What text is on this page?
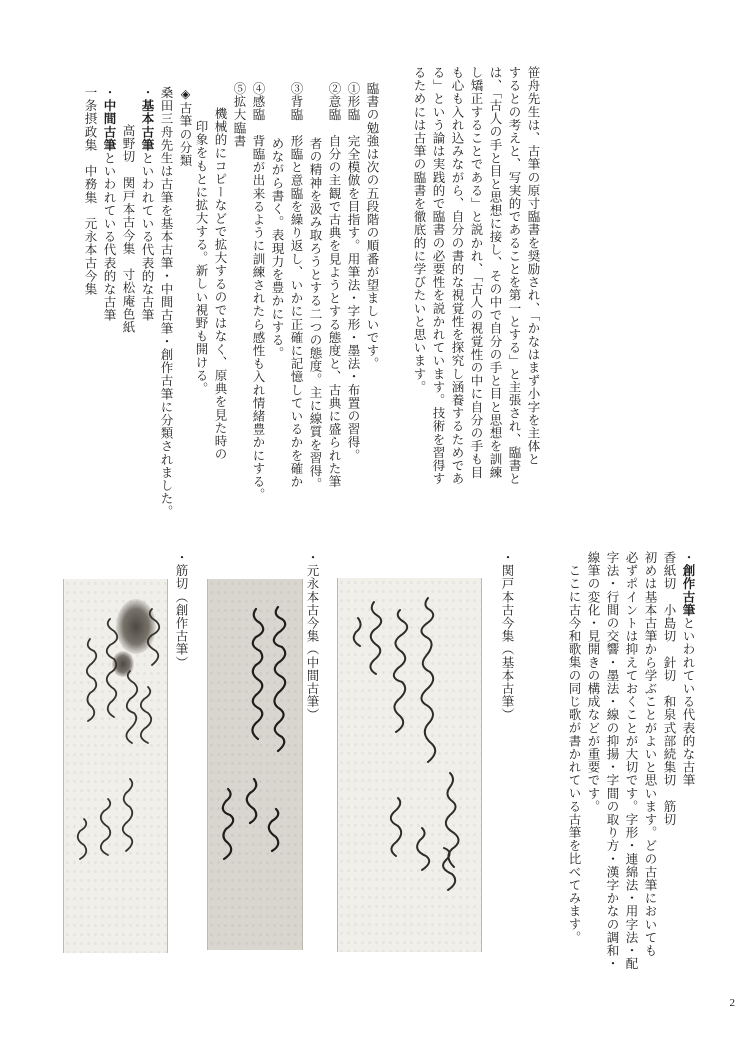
笹舟先生は、古筆の原寸臨書を奨励され、「かなはまず小字を主体と
するとの考えと、写実的であることを第一とする」と主張され、臨書と
は、「古人の手と目と思想に接し、その中で自分の手と目と思想を訓練
し矯正することである」と説かれ、「古人の視覚性の中に自分の手も目
も心も入れ込みながら、自分の書的な視覚性を探究し涵養するためであ
る」という論は実践的で臨書の必要性を説かれています。技術を習得す
るためには古筆の臨書を徹底的に学びたいと思います。
臨書の勉強は次の五段階の順番が望ましいです。
①形臨　完全模倣を目指す。用筆法・字形・墨法・布置の習得。
②意臨　自分の主観で古典を見ようとする態度と、古典に盛られた筆
者の精神を汲み取ろうとする二つの態度。主に線質を習得。
③背臨　形臨と意臨を繰り返し、いかに正確に記憶しているかを確か
めながら書く。表現力を豊かにする。
④感臨　背臨が出来るように訓練されたら感性も入れ情緒豊かにする。
⑤拡大臨書
機械的にコピーなどで拡大するのではなく、原典を見た時の
印象をもとに拡大する。新しい視野も開ける。
◈古筆の分類
桑田三舟先生は古筆を基本古筆・中間古筆・創作古筆に分類されました。
・基本古筆といわれている代表的な古筆
高野切　関戸本古今集　寸松庵色紙
・中間古筆といわれている代表的な古筆
一条摂政集　中務集　元永本古今集
・創作古筆といわれている代表的な古筆
香紙切　小島切　針切　和泉式部続集切　筋切
初めは基本古筆から学ぶことがよいと思います。どの古筆においても
必ずポイントは抑えておくことが大切です。字形・連綿法・用字法・配
字法・行間の交響・墨法・線の抑揚・字間の取り方・漢字かなの調和・
線筆の変化・見開きの構成などが重要です。
ここに古今和歌集の同じ歌が書かれている古筆を比べてみます。
・関戸本古今集（基本古筆）
・元永本古今集（中間古筆）
・筋切（創作古筆）
2
